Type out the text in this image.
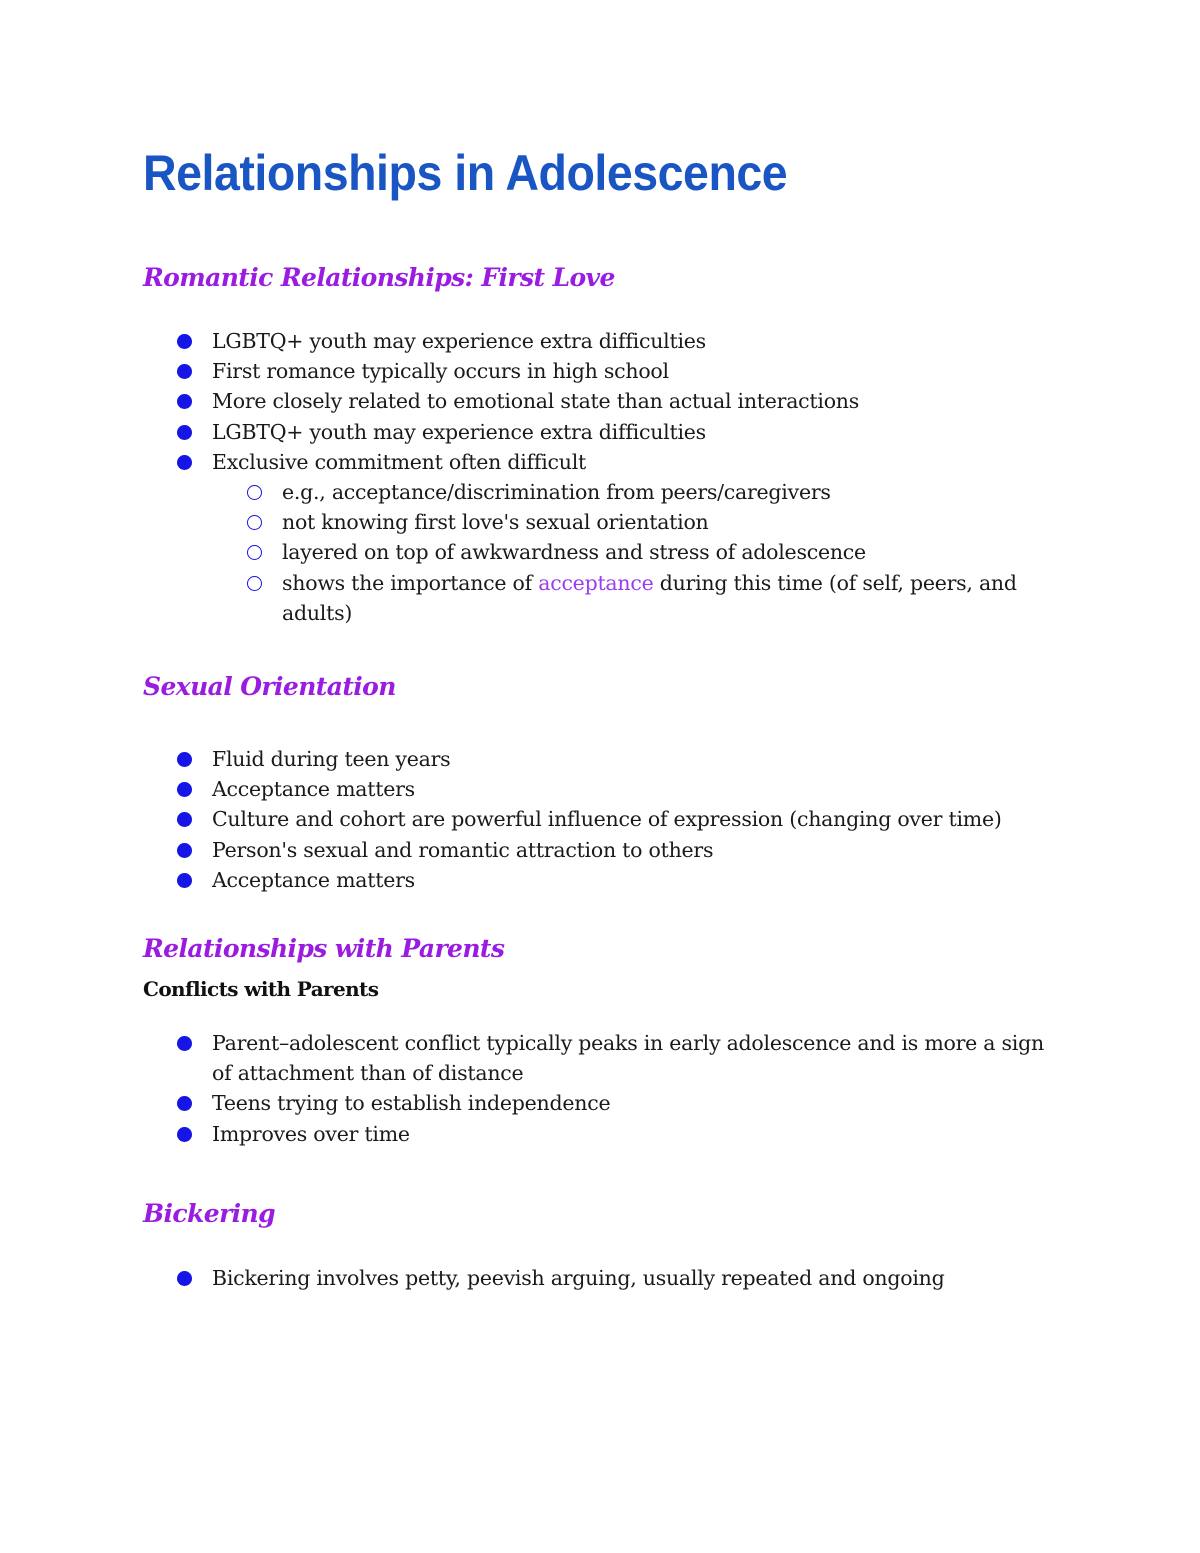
Relationships in Adolescence
Romantic Relationships: First Love
LGBTQ+ youth may experience extra difficulties
First romance typically occurs in high school
More closely related to emotional state than actual interactions
LGBTQ+ youth may experience extra difficulties
Exclusive commitment often difficult
e.g., acceptance/discrimination from peers/caregivers
not knowing first love's sexual orientation
layered on top of awkwardness and stress of adolescence
shows the importance of acceptance during this time (of self, peers, and adults)
Sexual Orientation
Fluid during teen years
Acceptance matters
Culture and cohort are powerful influence of expression (changing over time)
Person's sexual and romantic attraction to others
Acceptance matters
Relationships with Parents
Conflicts with Parents
Parent–adolescent conflict typically peaks in early adolescence and is more a sign of attachment than of distance
Teens trying to establish independence
Improves over time
Bickering
Bickering involves petty, peevish arguing, usually repeated and ongoing
